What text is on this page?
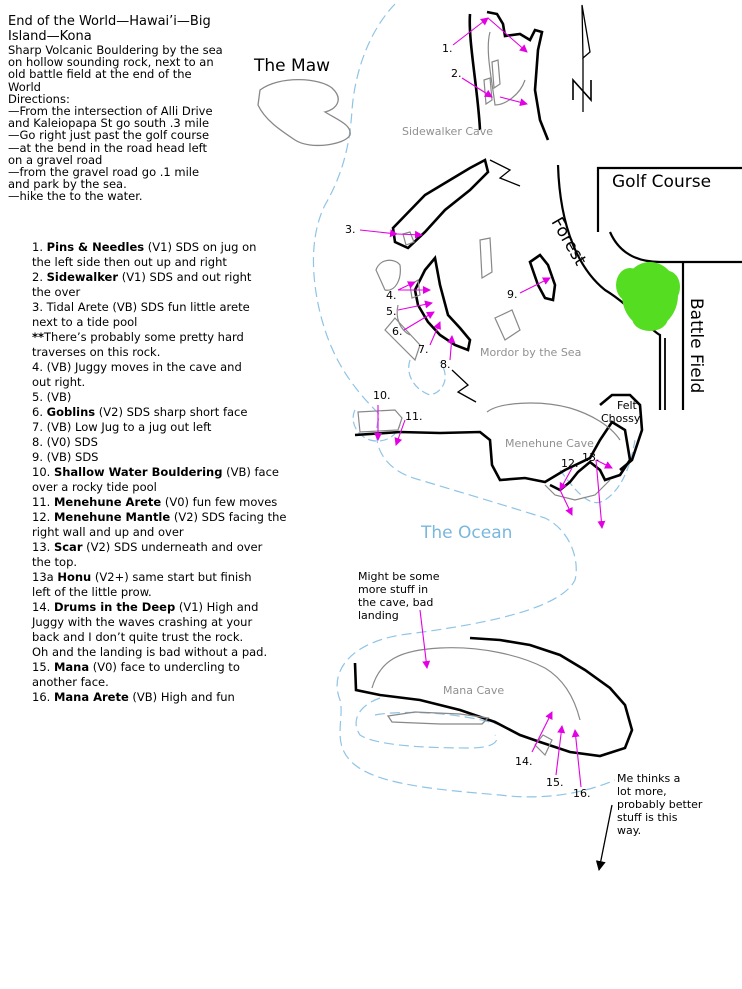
End of the World—Hawai’i—Big
Island—Kona
Sharp Volcanic Bouldering by the sea
on hollow sounding rock, next to an
old battle field at the end of the
World
Directions:
—From the intersection of Alli Drive
and Kaleiopapa St go south .3 mile
—Go right just past the golf course
—at the bend in the road head left
on a gravel road
—from the gravel road go .1 mile
and park by the sea.
—hike the to the water.
1. Pins & Needles (V1) SDS on jug on
the left side then out up and right
2. Sidewalker (V1) SDS and out right
the over
3. Tidal Arete (VB) SDS fun little arete
next to a tide pool
**There’s probably some pretty hard
traverses on this rock.
4. (VB) Juggy moves in the cave and
out right.
5. (VB)
6. Goblins (V2) SDS sharp short face
7. (VB) Low Jug to a jug out left
8. (V0) SDS
9. (VB) SDS
10. Shallow Water Bouldering (VB) face
over a rocky tide pool
11. Menehune Arete (V0) fun few moves
12. Menehune Mantle (V2) SDS facing the
right wall and up and over
13. Scar (V2) SDS underneath and over
the top.
13a Honu (V2+) same start but finish
left of the little prow.
14. Drums in the Deep (V1) High and
Juggy with the waves crashing at your
back and I don’t quite trust the rock.
Oh and the landing is bad without a pad.
15. Mana (V0) face to undercling to
another face.
16. Mana Arete (VB) High and fun
The Maw
Sidewalker Cave
Golf Course
Forest
Battle Field
Mordor by the Sea
Felt
Chossy
Menehune Cave
The Ocean
Mana Cave
Might be some
more stuff in
the cave, bad
landing
Me thinks a
lot more,
probably better
stuff is this
way.
1.
2.
3.
4.
5.
6.
7.
8.
9.
10.
11.
12. 13.
14.
15.
16.
